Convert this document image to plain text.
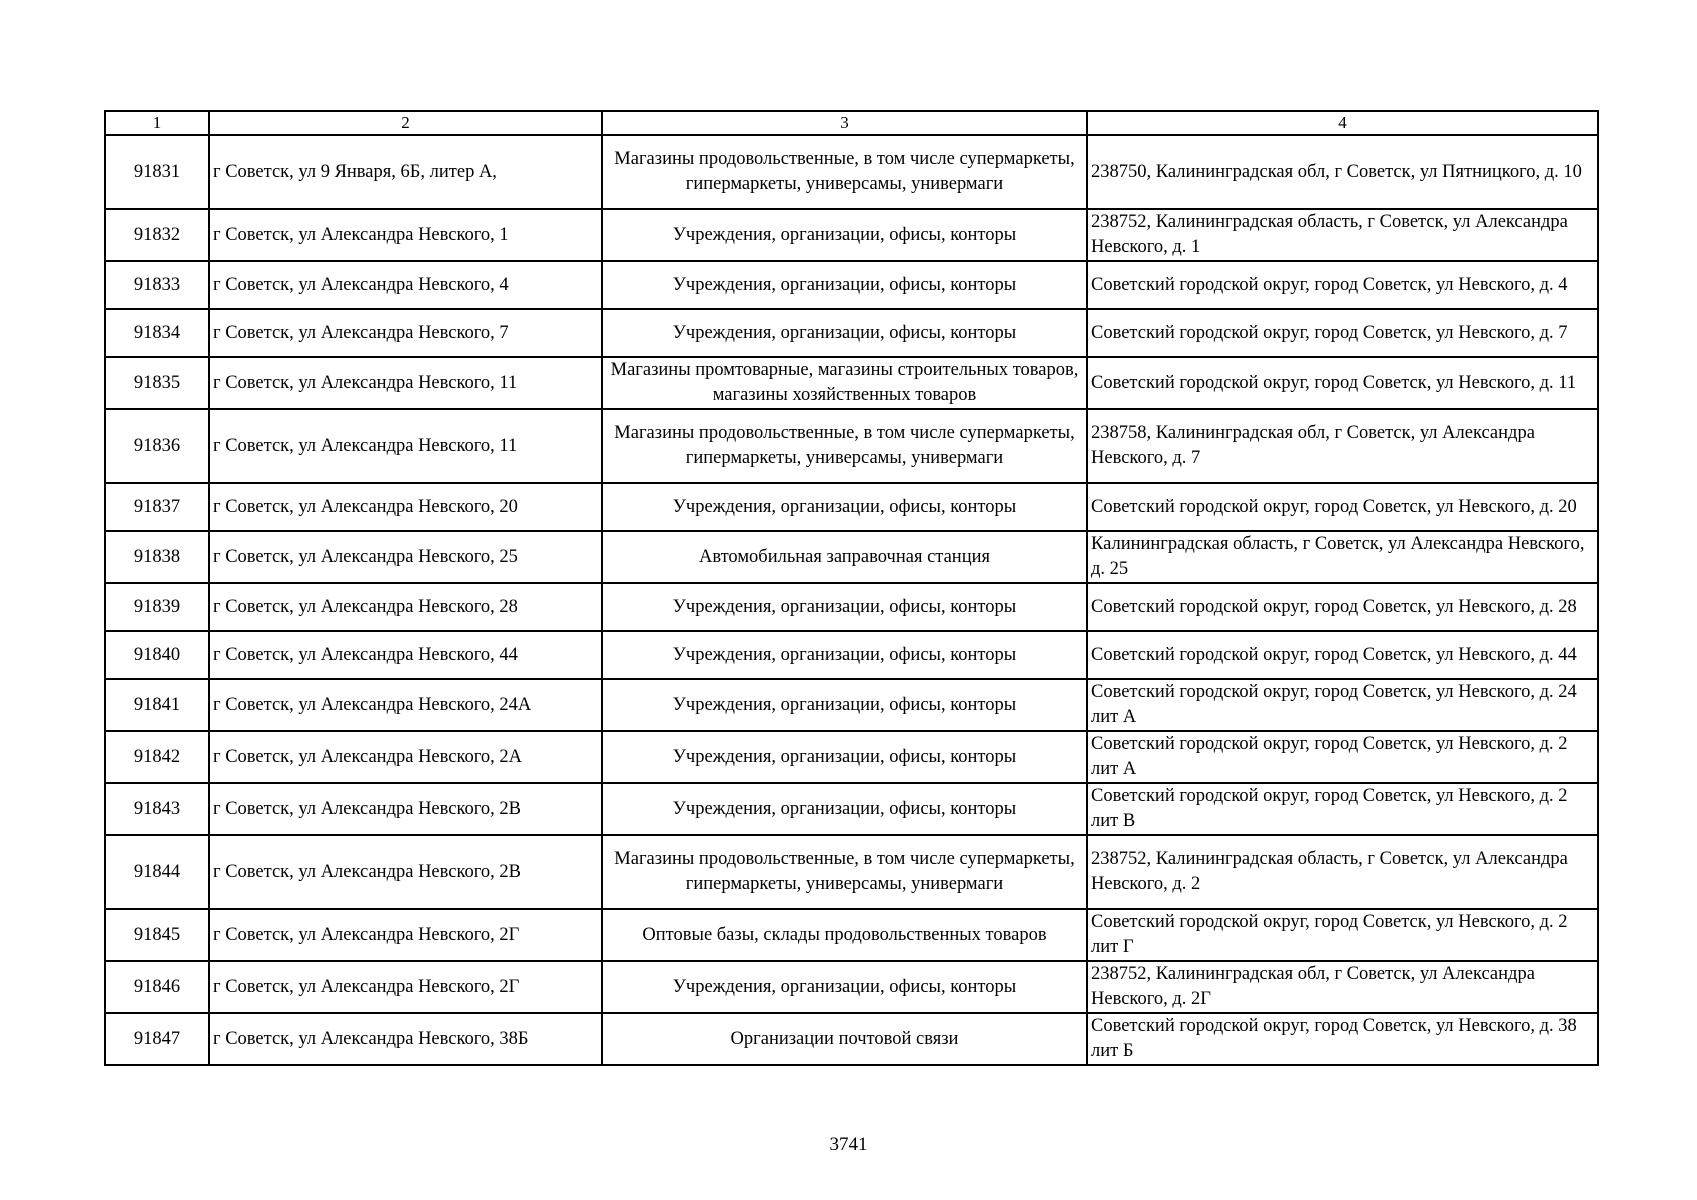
1	2	3	4
91831	г Советск, ул 9 Января, 6Б, литер А,	Магазины продовольственные, в том числе супермаркеты, гипермаркеты, универсамы, универмаги	238750, Калининградская обл, г Советск, ул Пятницкого, д. 10
91832	г Советск, ул Александра Невского, 1	Учреждения, организации, офисы, конторы	238752, Калининградская область, г Советск, ул Александра Невского, д. 1
91833	г Советск, ул Александра Невского, 4	Учреждения, организации, офисы, конторы	Советский городской округ, город Советск, ул Невского, д. 4
91834	г Советск, ул Александра Невского, 7	Учреждения, организации, офисы, конторы	Советский городской округ, город Советск, ул Невского, д. 7
91835	г Советск, ул Александра Невского, 11	Магазины промтоварные, магазины строительных товаров, магазины хозяйственных товаров	Советский городской округ, город Советск, ул Невского, д. 11
91836	г Советск, ул Александра Невского, 11	Магазины продовольственные, в том числе супермаркеты, гипермаркеты, универсамы, универмаги	238758, Калининградская обл, г Советск, ул Александра Невского, д. 7
91837	г Советск, ул Александра Невского, 20	Учреждения, организации, офисы, конторы	Советский городской округ, город Советск, ул Невского, д. 20
91838	г Советск, ул Александра Невского, 25	Автомобильная заправочная станция	Калининградская область, г Советск, ул Александра Невского, д. 25
91839	г Советск, ул Александра Невского, 28	Учреждения, организации, офисы, конторы	Советский городской округ, город Советск, ул Невского, д. 28
91840	г Советск, ул Александра Невского, 44	Учреждения, организации, офисы, конторы	Советский городской округ, город Советск, ул Невского, д. 44
91841	г Советск, ул Александра Невского, 24А	Учреждения, организации, офисы, конторы	Советский городской округ, город Советск, ул Невского, д. 24 лит А
91842	г Советск, ул Александра Невского, 2А	Учреждения, организации, офисы, конторы	Советский городской округ, город Советск, ул Невского, д. 2 лит А
91843	г Советск, ул Александра Невского, 2В	Учреждения, организации, офисы, конторы	Советский городской округ, город Советск, ул Невского, д. 2 лит В
91844	г Советск, ул Александра Невского, 2В	Магазины продовольственные, в том числе супермаркеты, гипермаркеты, универсамы, универмаги	238752, Калининградская область, г Советск, ул Александра Невского, д. 2
91845	г Советск, ул Александра Невского, 2Г	Оптовые базы, склады продовольственных товаров	Советский городской округ, город Советск, ул Невского, д. 2 лит Г
91846	г Советск, ул Александра Невского, 2Г	Учреждения, организации, офисы, конторы	238752, Калининградская обл, г Советск, ул Александра Невского, д. 2Г
91847	г Советск, ул Александра Невского, 38Б	Организации почтовой связи	Советский городской округ, город Советск, ул Невского, д. 38 лит Б
3741
